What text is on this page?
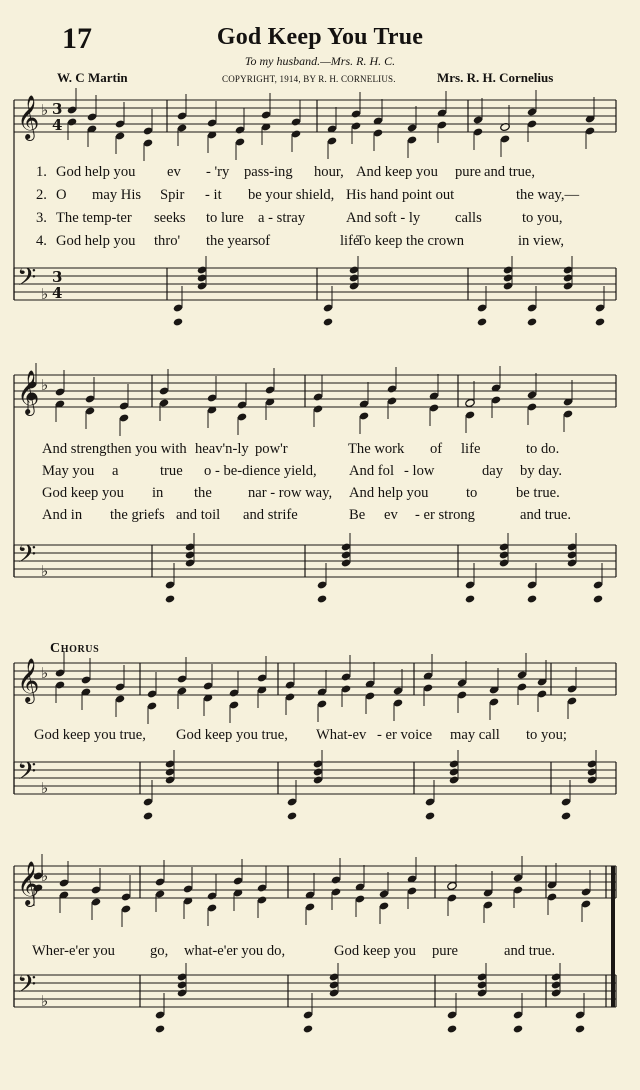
𝄞 ♭ 3
4
𝄢 ♭
3
4
𝄞 ♭
𝄢 ♭
𝄞 ♭
𝄢 ♭
𝄞 ♭
𝄢 ♭
17	God Keep You True
To my husband.—Mrs. R. H. C.
W. C Martin	COPYRIGHT, 1914, BY R. H. CORNELIUS.	Mrs. R. H. Cornelius
Chorus
1. God help you ev - 'ry pass-ing hour, And keep you pure and true,
2. O may His Spir - it be your shield, His hand point out	the way,—
3. The temp-ter seeks to lure a - stray	And soft - ly calls	to you,
4. God help you thro' the years of	life
To keep the crown	in view,
And strengthen you with heav'n-ly pow'r	The work of life	to do.
May you a	true o - be-dience yield, And fol - low	day by day.
God keep you in the nar - row way, And help you	to	be true.
And in the griefs and toil and strife	Be ev - er strong	and true.
God keep you true, God keep you true, What-ev - er voice may call to you;
Wher-e'er you go, what-e'er you do,	God keep you pure	and true.
